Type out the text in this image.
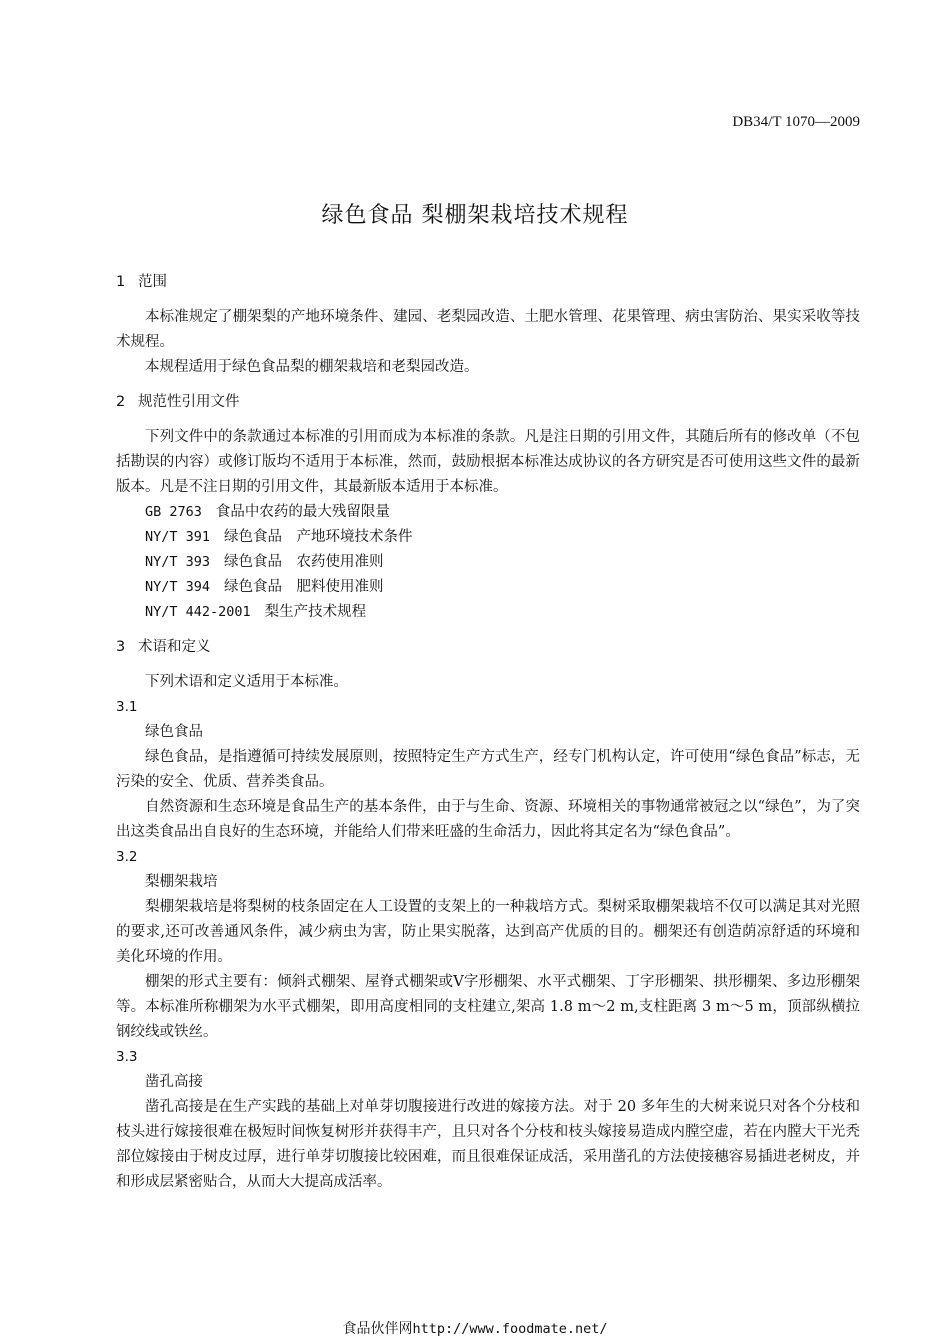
DB34/T 1070—2009
绿色食品 梨棚架栽培技术规程
1 范围

本标准规定了棚架梨的产地环境条件、建园、老梨园改造、土肥水管理、花果管理、病虫害防治、果实采收等技术规程。

本规程适用于绿色食品梨的棚架栽培和老梨园改造。

2 规范性引用文件

下列文件中的条款通过本标准的引用而成为本标准的条款。凡是注日期的引用文件，其随后所有的修改单（不包括勘误的内容）或修订版均不适用于本标准，然而，鼓励根据本标准达成协议的各方研究是否可使用这些文件的最新版本。凡是不注日期的引用文件，其最新版本适用于本标准。

GB 2763 食品中农药的最大残留限量
NY/T 391 绿色食品　产地环境技术条件
NY/T 393 绿色食品　农药使用准则
NY/T 394 绿色食品　肥料使用准则
NY/T 442-2001 梨生产技术规程
3 术语和定义

下列术语和定义适用于本标准。

3.1
绿色食品

绿色食品，是指遵循可持续发展原则，按照特定生产方式生产，经专门机构认定，许可使用“绿色食品”标志，无污染的安全、优质、营养类食品。

自然资源和生态环境是食品生产的基本条件，由于与生命、资源、环境相关的事物通常被冠之以“绿色”，为了突出这类食品出自良好的生态环境，并能给人们带来旺盛的生命活力，因此将其定名为“绿色食品”。

3.2
梨棚架栽培

梨棚架栽培是将梨树的枝条固定在人工设置的支架上的一种栽培方式。梨树采取棚架栽培不仅可以满足其对光照的要求,还可改善通风条件，减少病虫为害，防止果实脱落，达到高产优质的目的。棚架还有创造荫凉舒适的环境和美化环境的作用。

棚架的形式主要有：倾斜式棚架、屋脊式棚架或V字形棚架、水平式棚架、丁字形棚架、拱形棚架、多边形棚架等。本标准所称棚架为水平式棚架，即用高度相同的支柱建立,架高 1.8 m～2 m,支柱距离 3 m～5 m，顶部纵横拉钢绞线或铁丝。

3.3
凿孔高接

凿孔高接是在生产实践的基础上对单芽切腹接进行改进的嫁接方法。对于 20 多年生的大树来说只对各个分枝和枝头进行嫁接很难在极短时间恢复树形并获得丰产，且只对各个分枝和枝头嫁接易造成内膛空虚，若在内膛大干光秃部位嫁接由于树皮过厚，进行单芽切腹接比较困难，而且很难保证成活，采用凿孔的方法使接穗容易插进老树皮，并和形成层紧密贴合，从而大大提高成活率。

食品伙伴网http://www.foodmate.net/
